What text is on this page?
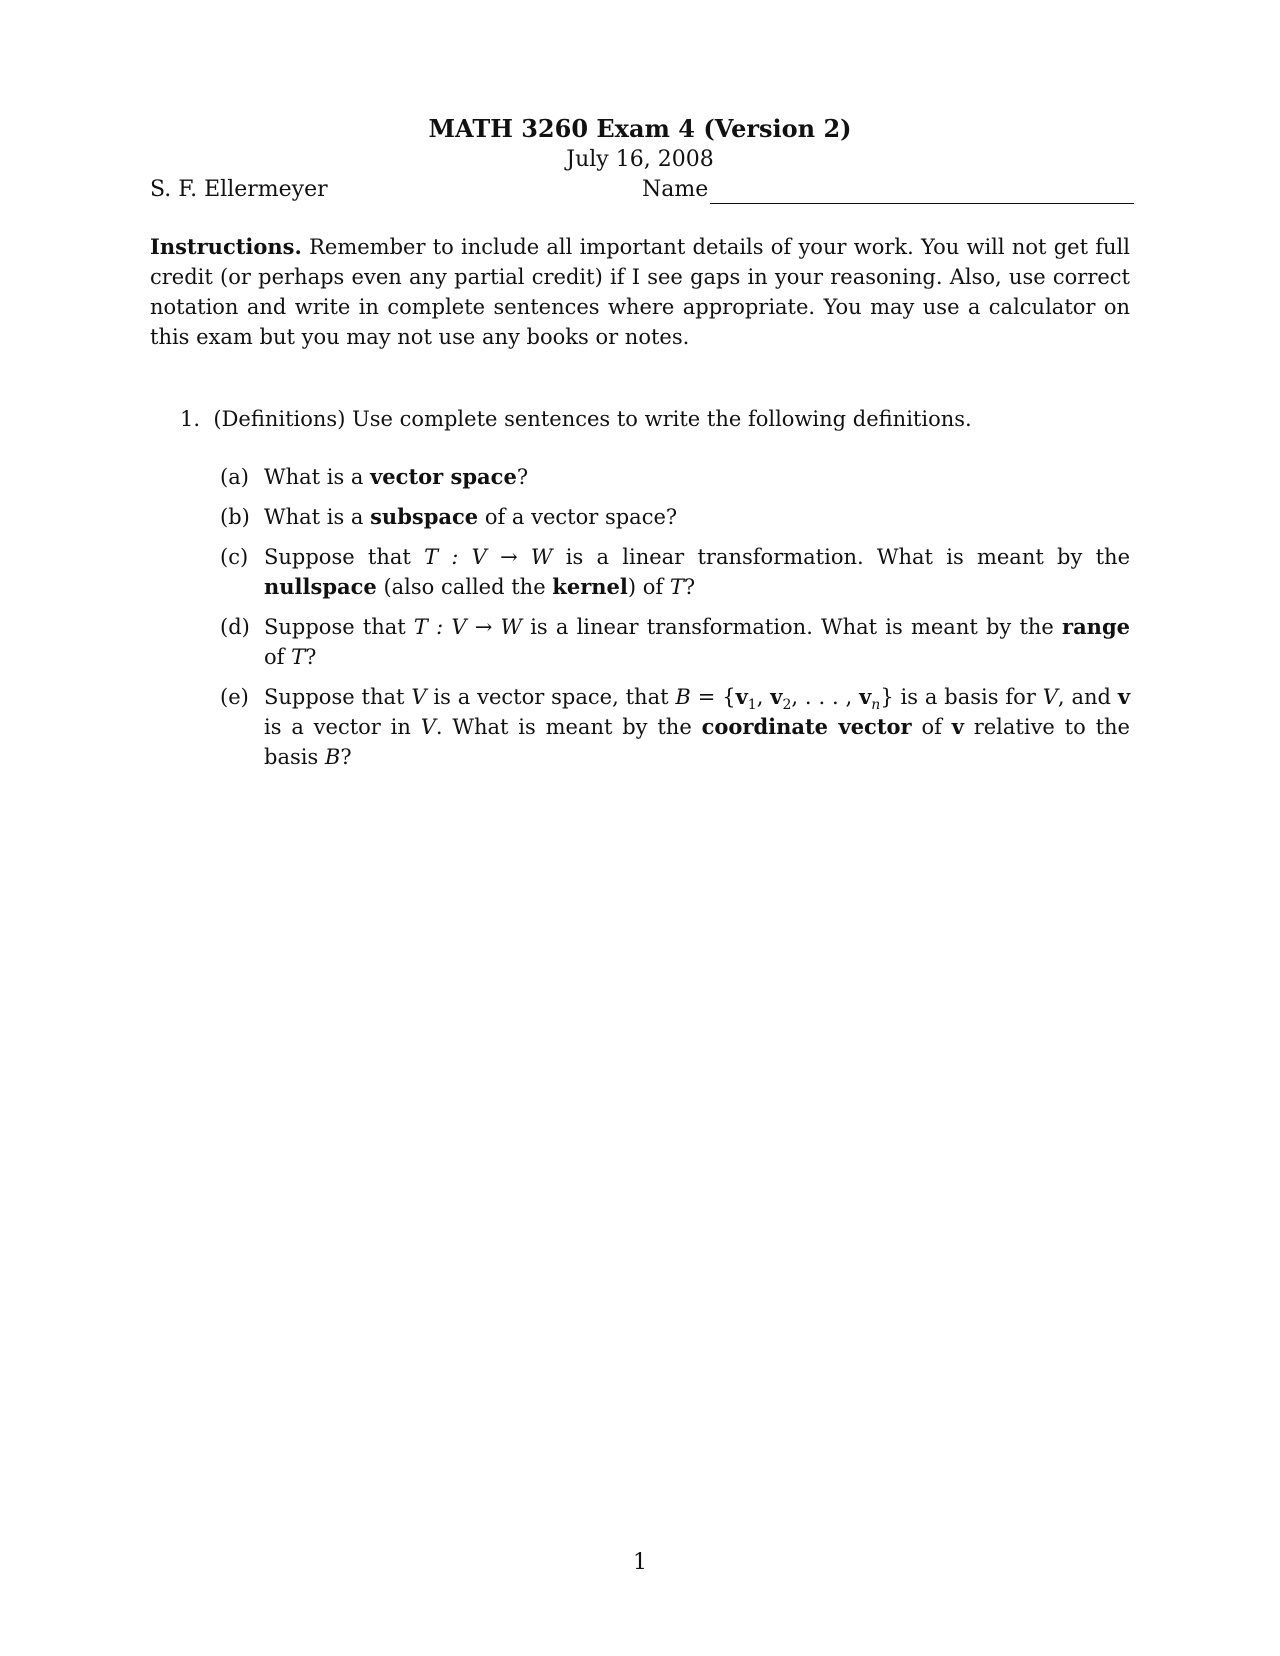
MATH 3260 Exam 4 (Version 2)
July 16, 2008
S. F. Ellermeyer	Name
Instructions. Remember to include all important details of your work. You will not get full credit (or perhaps even any partial credit) if I see gaps in your reasoning. Also, use correct notation and write in complete sentences where appropriate. You may use a calculator on this exam but you may not use any books or notes.
1. (Definitions) Use complete sentences to write the following definitions.
(a) What is a vector space?
(b) What is a subspace of a vector space?
(c) Suppose that T : V → W is a linear transformation. What is meant by the nullspace (also called the kernel) of T?
(d) Suppose that T : V → W is a linear transformation. What is meant by the range of T?
(e) Suppose that V is a vector space, that $B = \{v_1$, $v_2$, . . . , $v_n$} is a basis for V, and v is a vector in V. What is meant by the coordinate vector of v relative to the basis B?
1
